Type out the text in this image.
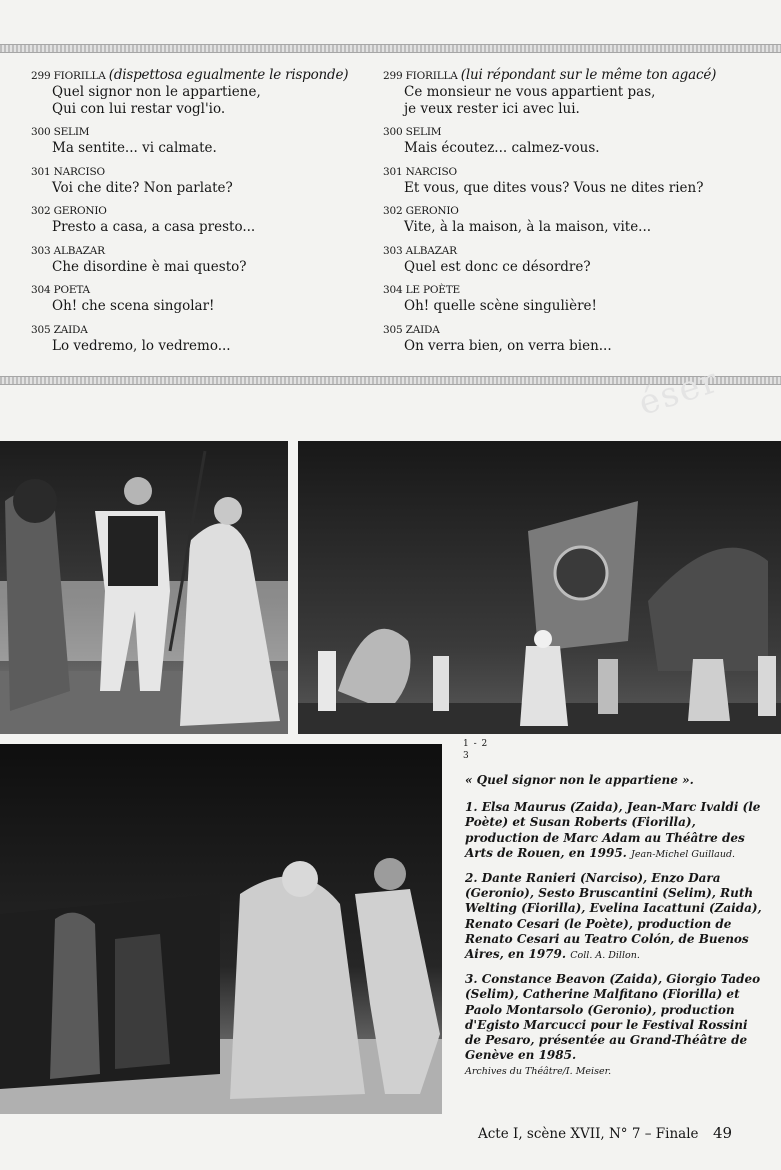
299 FIORILLA (dispettosa egualmente le risponde)
Quel signor non le appartiene,
Qui con lui restar vogl'io.
300 SELIM
Ma sentite... vi calmate.
301 NARCISO
Voi che dite? Non parlate?
302 GERONIO
Presto a casa, a casa presto...
303 ALBAZAR
Che disordine è mai questo?
304 POETA
Oh! che scena singolar!
305 ZAIDA
Lo vedremo, lo vedremo...
299 FIORILLA (lui répondant sur le même ton agacé)
Ce monsieur ne vous appartient pas,
je veux rester ici avec lui.
300 SELIM
Mais écoutez... calmez-vous.
301 NARCISO
Et vous, que dites vous? Vous ne dites rien?
302 GERONIO
Vite, à la maison, à la maison, vite...
303 ALBAZAR
Quel est donc ce désordre?
304 LE POÈTE
Oh! quelle scène singulière!
305 ZAIDA
On verra bien, on verra bien...
éser
1 - 2
3

« Quel signor non le appartiene ».

1. Elsa Maurus (Zaida), Jean-Marc Ivaldi (le Poète) et Susan Roberts (Fiorilla), production de Marc Adam au Théâtre des Arts de Rouen, en 1995. Jean-Michel Guillaud.

2. Dante Ranieri (Narciso), Enzo Dara (Geronio), Sesto Bruscantini (Selim), Ruth Welting (Fiorilla), Evelina Iacattuni (Zaida), Renato Cesari (le Poète), production de Renato Cesari au Teatro Colón, de Buenos Aires, en 1979. Coll. A. Dillon.

3. Constance Beavon (Zaida), Giorgio Tadeo (Selim), Catherine Malfitano (Fiorilla) et Paolo Montarsolo (Geronio), production d'Egisto Marcucci pour le Festival Rossini de Pesaro, présentée au Grand-Théâtre de Genève en 1985.
Archives du Théâtre/I. Meiser.

Acte I, scène XVII, N° 7 – Finale 49
